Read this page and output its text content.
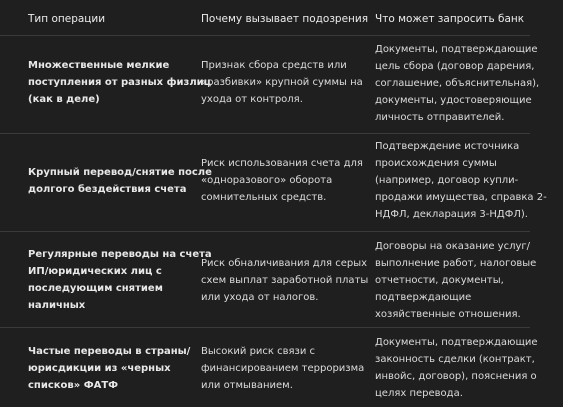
Тип операции	Почему вызывает подозрения Что может запросить банк
Множественные мелкие
поступления от разных физлиц
(как в деле)
Признак сбора средств или
«разбивки» крупной суммы на
ухода от контроля.
Документы, подтверждающие
цель сбора (договор дарения,
соглашение, объяснительная),
документы, удостоверяющие
личность отправителей.
Крупный перевод/снятие после
долгого бездействия счета
Риск использования счета для
«одноразового» оборота
сомнительных средств.
Подтверждение источника
происхождения суммы
(например, договор купли-
продажи имущества, справка 2-
НДФЛ, декларация 3-НДФЛ).
Регулярные переводы на счета
ИП/юридических лиц с
последующим снятием
наличных
Риск обналичивания для серых
схем выплат заработной платы
или ухода от налогов.
Договоры на оказание услуг/
выполнение работ, налоговые
отчетности, документы,
подтверждающие
хозяйственные отношения.
Частые переводы в страны/
юрисдикции из «черных
списков» ФАТФ
Высокий риск связи с
финансированием терроризма
или отмыванием.
Документы, подтверждающие
законность сделки (контракт,
инвойс, договор), пояснения о
целях перевода.
